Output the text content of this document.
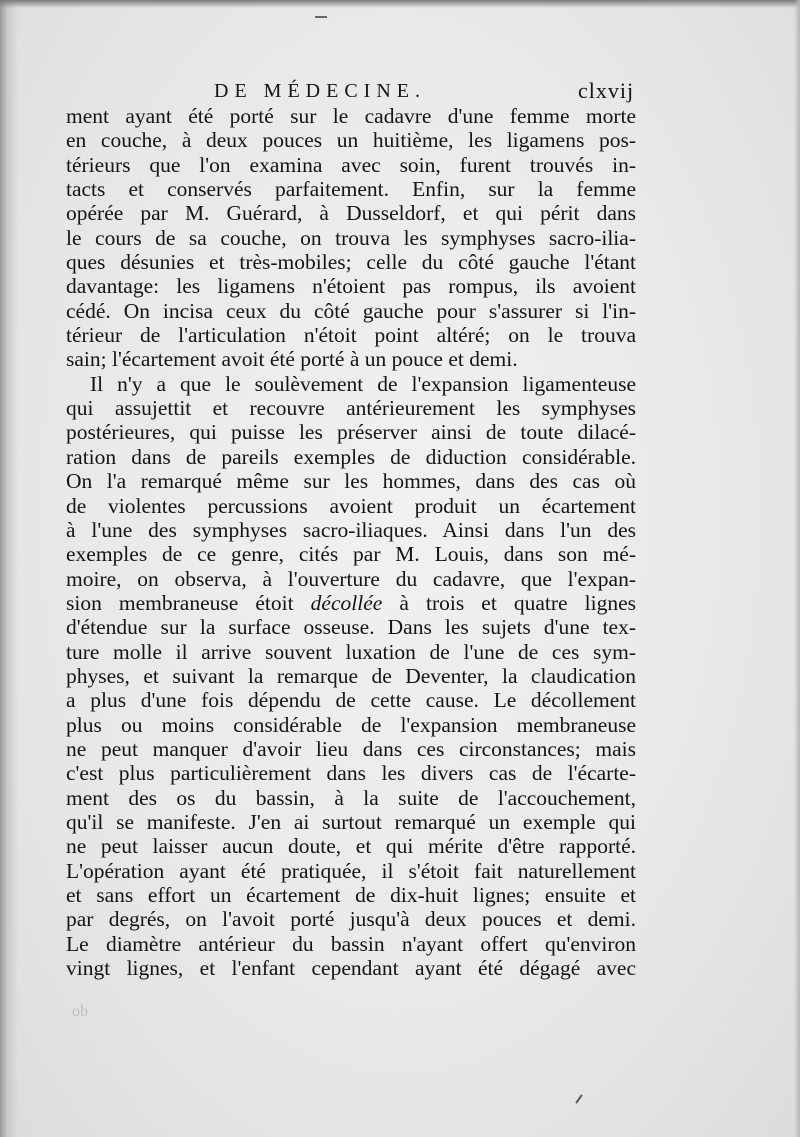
DE MÉDECINE.	clxvij
ment ayant été porté sur le cadavre d'une femme morte
en couche, à deux pouces un huitième, les ligamens pos-
térieurs que l'on examina avec soin, furent trouvés in-
tacts et conservés parfaitement. Enfin, sur la femme
opérée par M. Guérard, à Dusseldorf, et qui périt dans
le cours de sa couche, on trouva les symphyses sacro-ilia-
ques désunies et très-mobiles; celle du côté gauche l'étant
davantage: les ligamens n'étoient pas rompus, ils avoient
cédé. On incisa ceux du côté gauche pour s'assurer si l'in-
térieur de l'articulation n'étoit point altéré; on le trouva
sain; l'écartement avoit été porté à un pouce et demi.
Il n'y a que le soulèvement de l'expansion ligamenteuse
qui assujettit et recouvre antérieurement les symphyses
postérieures, qui puisse les préserver ainsi de toute dilacé-
ration dans de pareils exemples de diduction considérable.
On l'a remarqué même sur les hommes, dans des cas où
de violentes percussions avoient produit un écartement
à l'une des symphyses sacro-iliaques. Ainsi dans l'un des
exemples de ce genre, cités par M. Louis, dans son mé-
moire, on observa, à l'ouverture du cadavre, que l'expan-
sion membraneuse étoit décollée à trois et quatre lignes
d'étendue sur la surface osseuse. Dans les sujets d'une tex-
ture molle il arrive souvent luxation de l'une de ces sym-
physes, et suivant la remarque de Deventer, la claudication
a plus d'une fois dépendu de cette cause. Le décollement
plus ou moins considérable de l'expansion membraneuse
ne peut manquer d'avoir lieu dans ces circonstances; mais
c'est plus particulièrement dans les divers cas de l'écarte-
ment des os du bassin, à la suite de l'accouchement,
qu'il se manifeste. J'en ai surtout remarqué un exemple qui
ne peut laisser aucun doute, et qui mérite d'être rapporté.
L'opération ayant été pratiquée, il s'étoit fait naturellement
et sans effort un écartement de dix-huit lignes; ensuite et
par degrés, on l'avoit porté jusqu'à deux pouces et demi.
Le diamètre antérieur du bassin n'ayant offert qu'environ
vingt lignes, et l'enfant cependant ayant été dégagé avec
ob
